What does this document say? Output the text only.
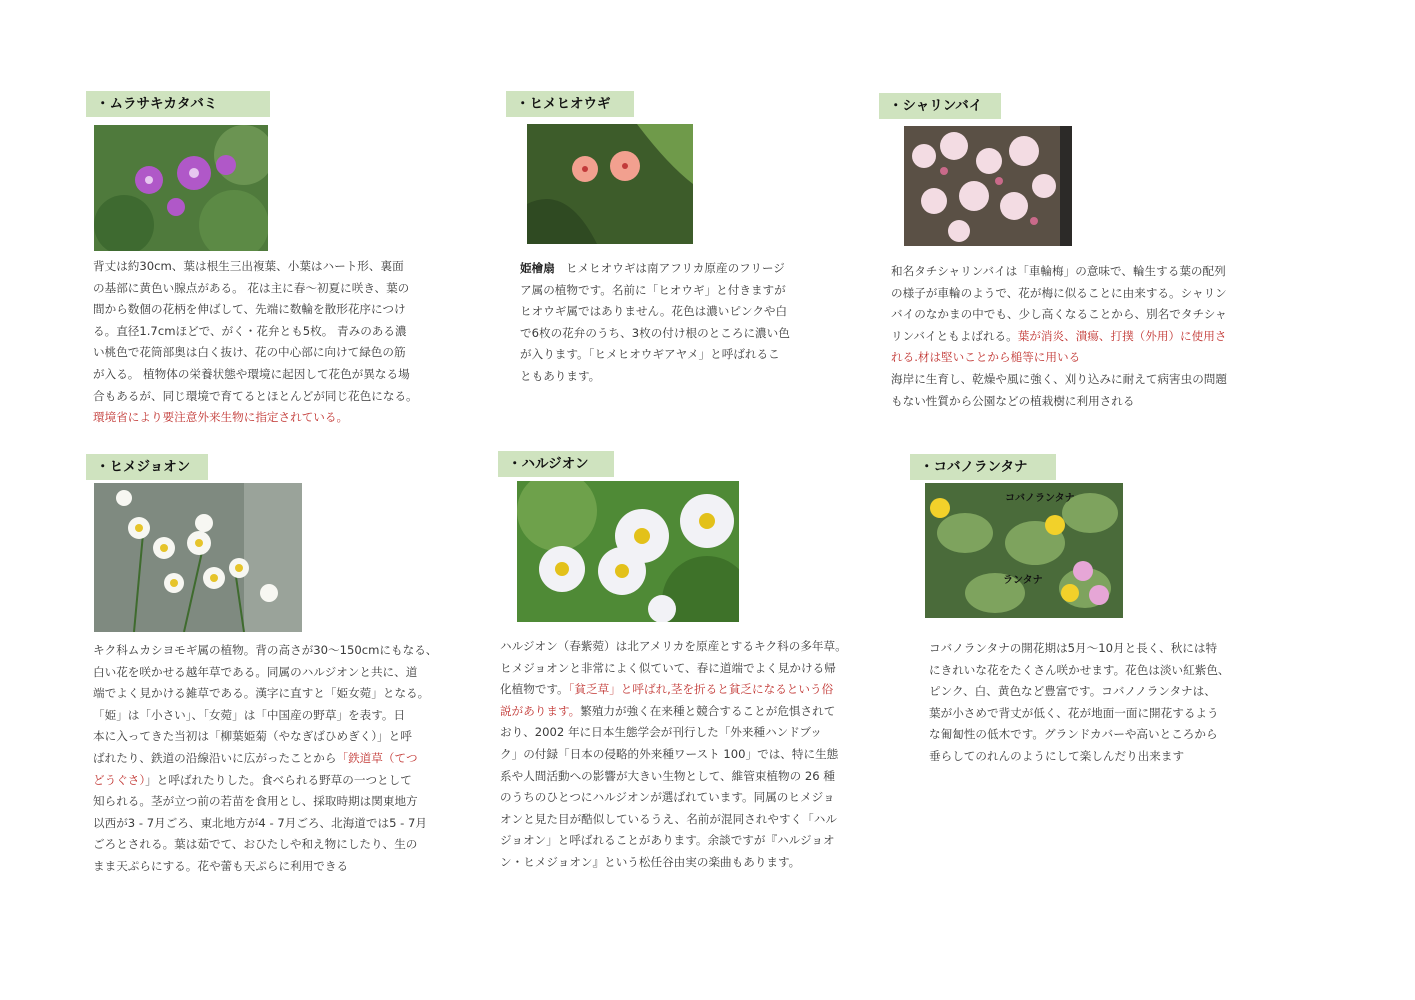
・ムラサキカタバミ

背丈は約30cm、葉は根生三出複葉、小葉はハート形、裏面

の基部に黄色い腺点がある。 花は主に春〜初夏に咲き、葉の

間から数個の花柄を伸ばして、先端に数輪を散形花序につけ

る。直径1.7cmほどで、がく・花弁とも5枚。 青みのある濃

い桃色で花筒部奥は白く抜け、花の中心部に向けて緑色の筋

が入る。 植物体の栄養状態や環境に起因して花色が異なる場

合もあるが、同じ環境で育てるとほとんどが同じ花色になる。

環境省により要注意外来生物に指定されている。

・ヒメヒオウギ

姫檜扇 ヒメヒオウギは南アフリカ原産のフリージ

ア属の植物です。名前に「ヒオウギ」と付きますが

ヒオウギ属ではありません。花色は濃いピンクや白

で6枚の花弁のうち、3枚の付け根のところに濃い色

が入ります。「ヒメヒオウギアヤメ」と呼ばれるこ

ともあります。

・シャリンバイ

和名タチシャリンバイは「車輪梅」の意味で、輪生する葉の配列

の様子が車輪のようで、花が梅に似ることに由来する。シャリン

バイのなかまの中でも、少し高くなることから、別名でタチシャ

リンバイともよばれる。葉が消炎、潰瘍、打撲（外用）に使用さ

れる.材は堅いことから槌等に用いる

海岸に生育し、乾燥や風に強く、刈り込みに耐えて病害虫の問題

もない性質から公園などの植栽樹に利用される

・ヒメジョオン

キク科ムカシヨモギ属の植物。背の高さが30〜150cmにもなる、

白い花を咲かせる越年草である。同属のハルジオンと共に、道

端でよく見かける雑草である。漢字に直すと「姫女菀」となる。

「姫」は「小さい」、「女菀」は「中国産の野草」を表す。日

本に入ってきた当初は「柳葉姫菊（やなぎばひめぎく）」と呼

ばれたり、鉄道の沿線沿いに広がったことから「鉄道草（てつ

どうぐさ）」と呼ばれたりした。食べられる野草の一つとして

知られる。茎が立つ前の若苗を食用とし、採取時期は関東地方

以西が3 - 7月ごろ、東北地方が4 - 7月ごろ、北海道では5 - 7月

ごろとされる。葉は茹でて、おひたしや和え物にしたり、生の

まま天ぷらにする。花や蕾も天ぷらに利用できる

・ハルジオン

ハルジオン（春紫菀）は北アメリカを原産とするキク科の多年草。

ヒメジョオンと非常によく似ていて、春に道端でよく見かける帰

化植物です。「貧乏草」と呼ばれ,茎を折ると貧乏になるという俗

説があります。繁殖力が強く在来種と競合することが危惧されて

おり、2002 年に日本生態学会が刊行した「外来種ハンドブッ

ク」の付録「日本の侵略的外来種ワースト 100」では、特に生態

系や人間活動への影響が大きい生物として、維管束植物の 26 種

のうちのひとつにハルジオンが選ばれています。同属のヒメジョ

オンと見た目が酷似しているうえ、名前が混同されやすく「ハル

ジョオン」と呼ばれることがあります。余談ですが『ハルジョオ

ン・ヒメジョオン』という松任谷由実の楽曲もあります。

・コバノランタナ
コバノランタナ
ランタナ

コバノランタナの開花期は5月〜10月と長く、秋には特

にきれいな花をたくさん咲かせます。花色は淡い紅紫色、

ピンク、白、黄色など豊富です。コバノノランタナは、

葉が小さめで背丈が低く、花が地面一面に開花するよう

な匍匐性の低木です。グランドカバーや高いところから

垂らしてのれんのようにして楽しんだり出来ます
